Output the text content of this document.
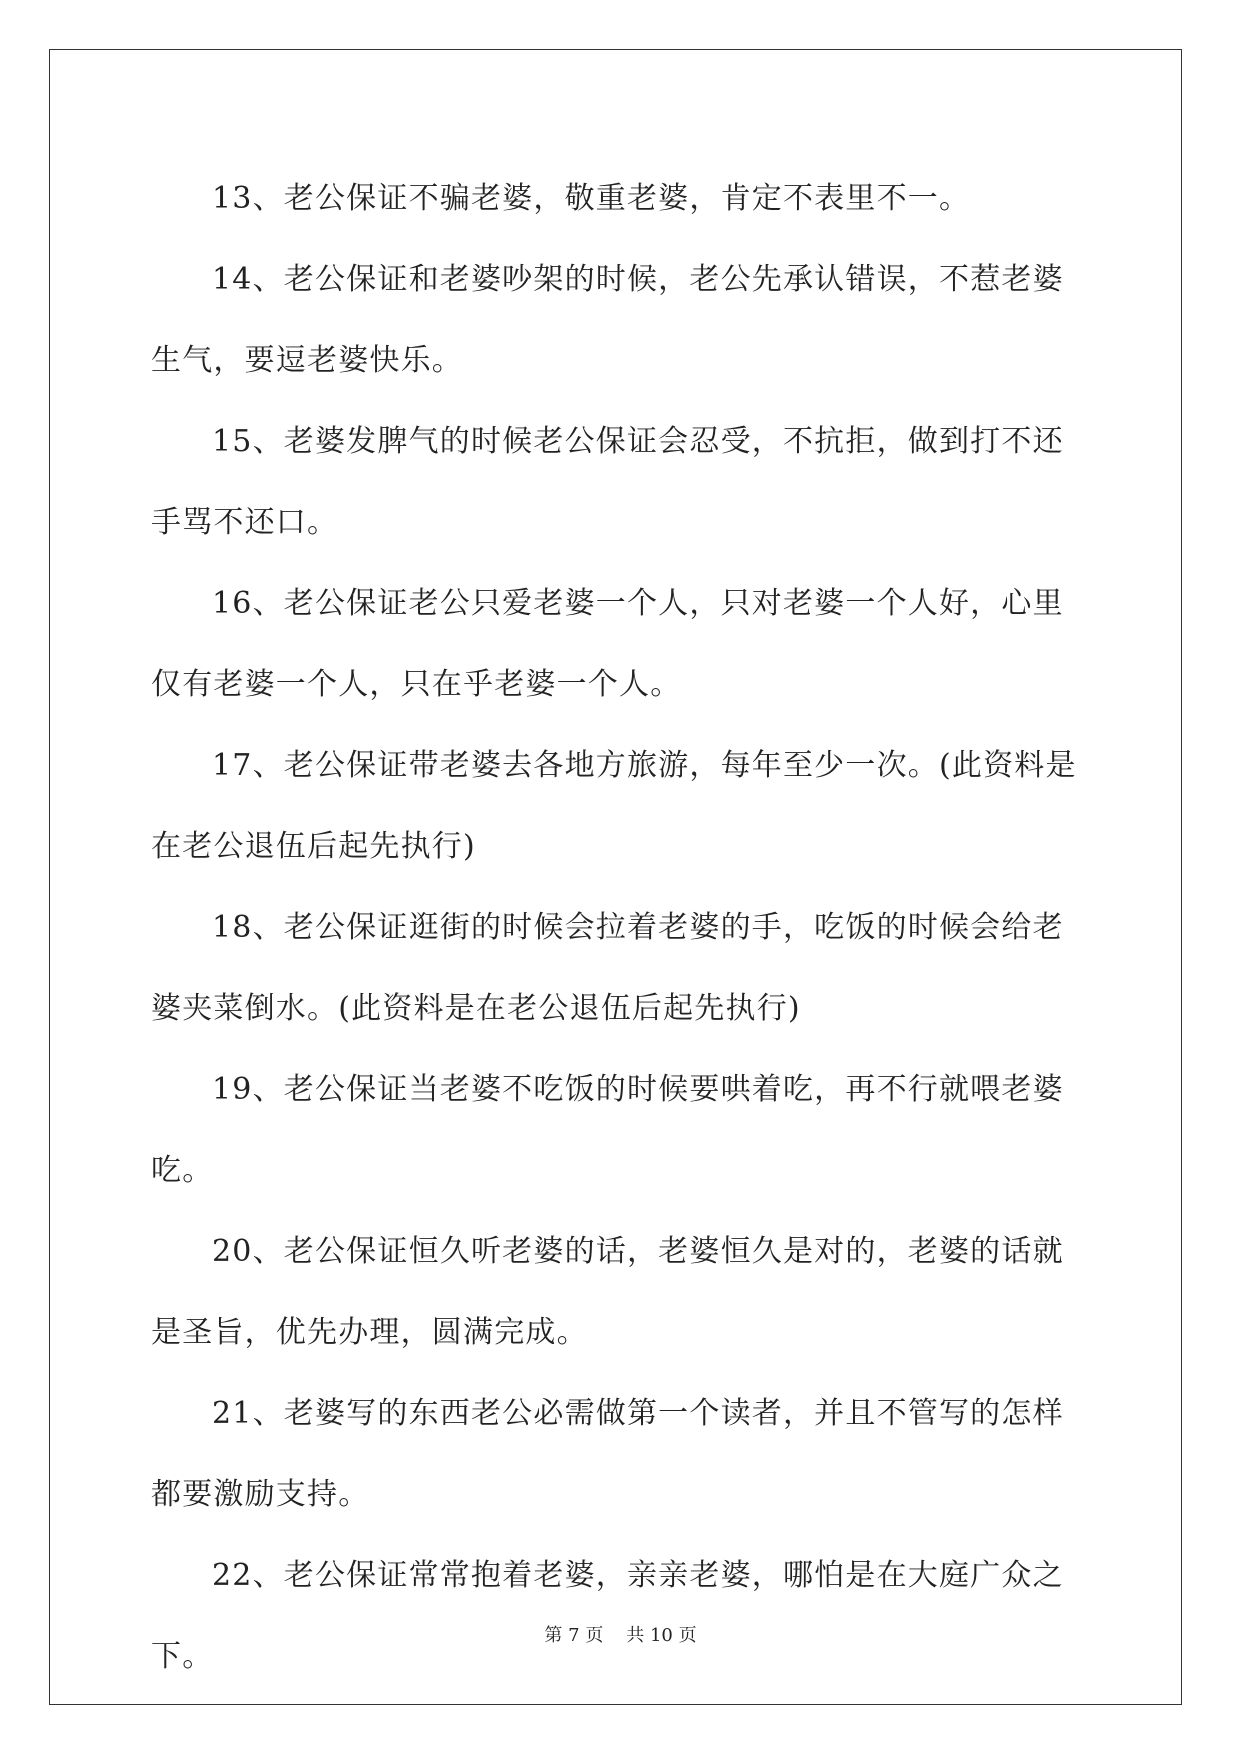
13、老公保证不骗老婆，敬重老婆，肯定不表里不一。

14、老公保证和老婆吵架的时候，老公先承认错误，不惹老婆生气，要逗老婆快乐。

15、老婆发脾气的时候老公保证会忍受，不抗拒，做到打不还手骂不还口。

16、老公保证老公只爱老婆一个人，只对老婆一个人好，心里仅有老婆一个人，只在乎老婆一个人。

17、老公保证带老婆去各地方旅游，每年至少一次。(此资料是在老公退伍后起先执行)

18、老公保证逛街的时候会拉着老婆的手，吃饭的时候会给老婆夹菜倒水。(此资料是在老公退伍后起先执行)

19、老公保证当老婆不吃饭的时候要哄着吃，再不行就喂老婆吃。

20、老公保证恒久听老婆的话，老婆恒久是对的，老婆的话就是圣旨，优先办理，圆满完成。

21、老婆写的东西老公必需做第一个读者，并且不管写的怎样都要激励支持。

22、老公保证常常抱着老婆，亲亲老婆，哪怕是在大庭广众之下。

第 7 页 共 10 页
